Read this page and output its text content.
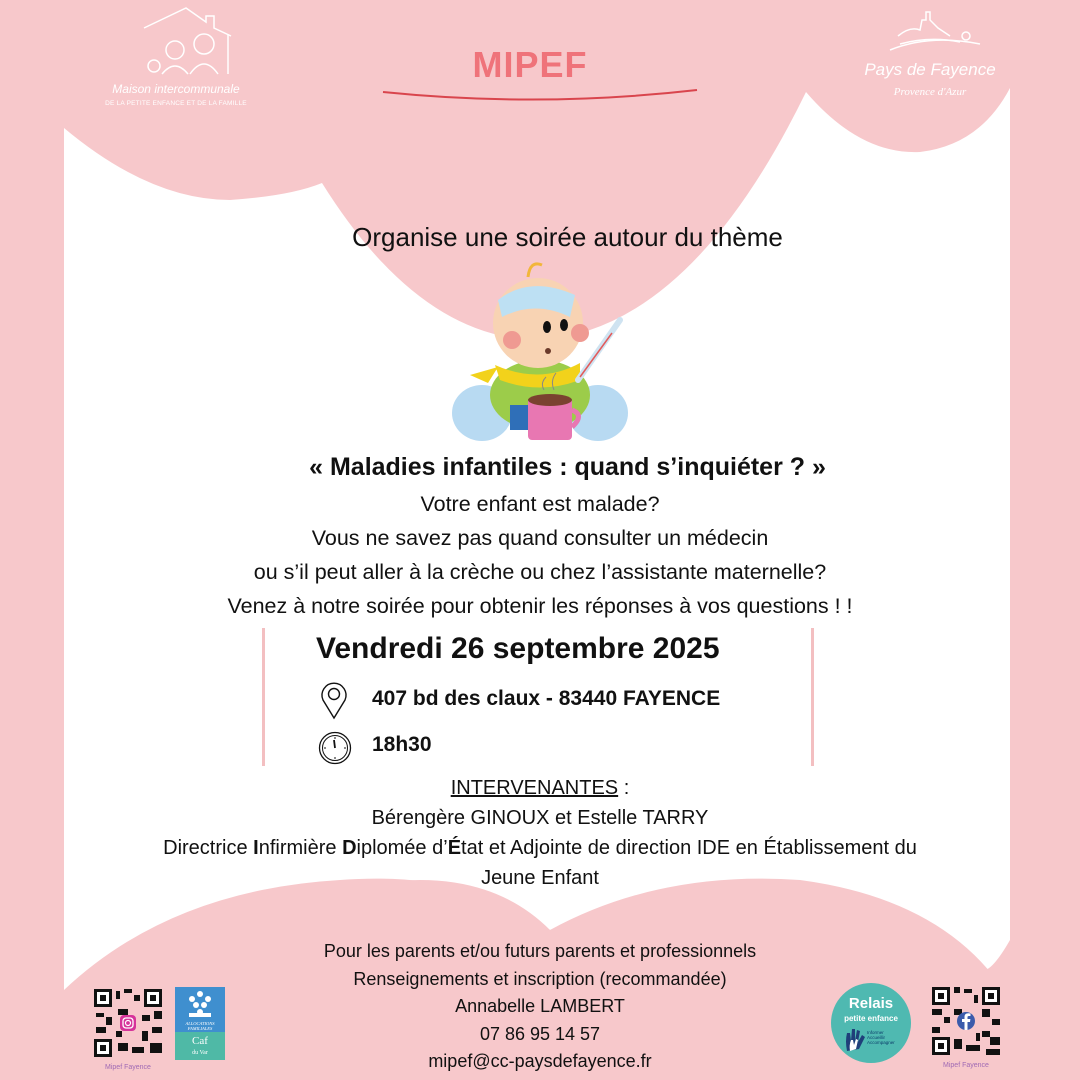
Maison intercommunale
DE LA PETITE ENFANCE ET DE LA FAMILLE
MIPEF	Pays de Fayence
Provence d'Azur
Organise une soirée autour du thème
« Maladies infantiles : quand s’inquiéter ? »
Votre enfant est malade?
Vous ne savez pas quand consulter un médecin
ou s’il peut aller à la crèche ou chez l’assistante maternelle?
Venez à notre soirée pour obtenir les réponses à vos questions ! !
Vendredi 26 septembre 2025
407 bd des claux - 83440 FAYENCE
18h30
INTERVENANTES :
Bérengère GINOUX et Estelle TARRY
Directrice Infirmière Diplomée d’État et Adjointe de direction IDE en Établissement du
Jeune Enfant
Pour les parents et/ou futurs parents et professionnels
Renseignements et inscription (recommandée)
Annabelle LAMBERT
07 86 95 14 57
mipef@cc-paysdefayence.fr
Mipef Fayence
ALLOCATIONS
FAMILIALES
Caf
du Var
Relais
petite enfance
Informer
Accueillir
Accompagner
Mipef Fayence
